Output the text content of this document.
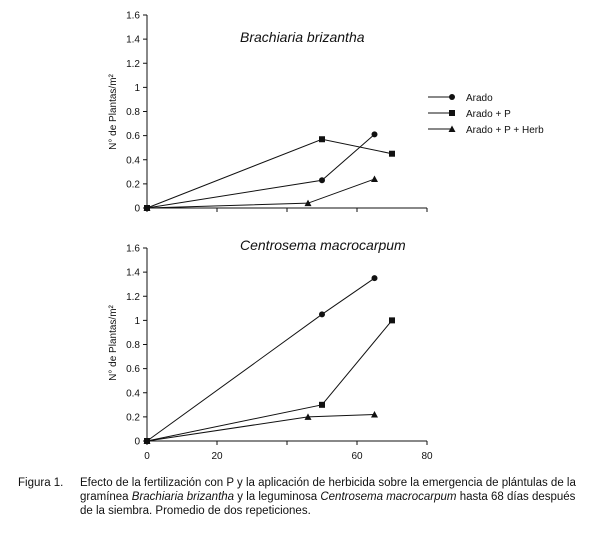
Brachiaria brizantha
N° de Plantas/m²
0
0.2
0.4
0.6
0.8
1
1.2
1.4
1.6
Arado
Arado + P
Arado + P + Herb
Centrosema macrocarpum
N° de Plantas/m²
0
0.2
0.4
0.6
0.8
1
1.2
1.4
1.6
0	20	60	80
Figura 1.	Efecto de la fertilización con P y la aplicación de herbicida sobre la emergencia de plántulas de la gramínea Brachiaria brizantha y la leguminosa Centrosema macrocarpum hasta 68 días después de la siembra. Promedio de dos repeticiones.
